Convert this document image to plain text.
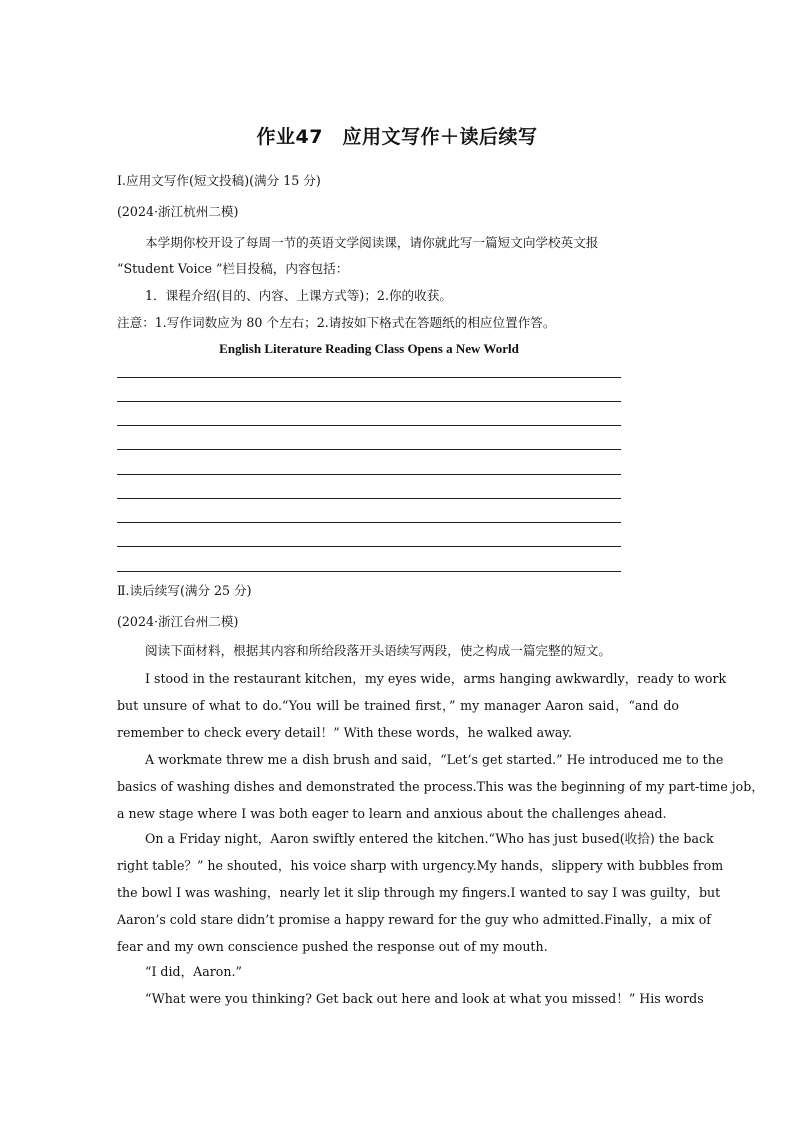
作业47　应用文写作＋读后续写
Ⅰ.应用文写作(短文投稿)(满分 15 分)
(2024·浙江杭州二模)
本学期你校开设了每周一节的英语文学阅读课，请你就此写一篇短文向学校英文报
“Student Voice ”栏目投稿，内容包括：
1．课程介绍(目的、内容、上课方式等)；2.你的收获。
注意：1.写作词数应为 80 个左右；2.请按如下格式在答题纸的相应位置作答。
English Literature Reading Class Opens a New World
Ⅱ.读后续写(满分 25 分)
(2024·浙江台州二模)
阅读下面材料，根据其内容和所给段落开头语续写两段，使之构成一篇完整的短文。
I stood in the restaurant kitchen，my eyes wide，arms hanging awkwardly，ready to work
but unsure of what to do.“You will be trained first，” my manager Aaron said，“and do
remember to check every detail！” With these words，he walked away.
A workmate threw me a dish brush and said，“Let’s get started.” He introduced me to the
basics of washing dishes and demonstrated the process.This was the beginning of my part-time job，
a new stage where I was both eager to learn and anxious about the challenges ahead.
On a Friday night，Aaron swiftly entered the kitchen.“Who has just bused(收拾) the back
right table？” he shouted，his voice sharp with urgency.My hands，slippery with bubbles from
the bowl I was washing，nearly let it slip through my fingers.I wanted to say I was guilty，but
Aaron’s cold stare didn’t promise a happy reward for the guy who admitted.Finally，a mix of
fear and my own conscience pushed the response out of my mouth.
“I did，Aaron.”
“What were you thinking? Get back out here and look at what you missed！” His words
